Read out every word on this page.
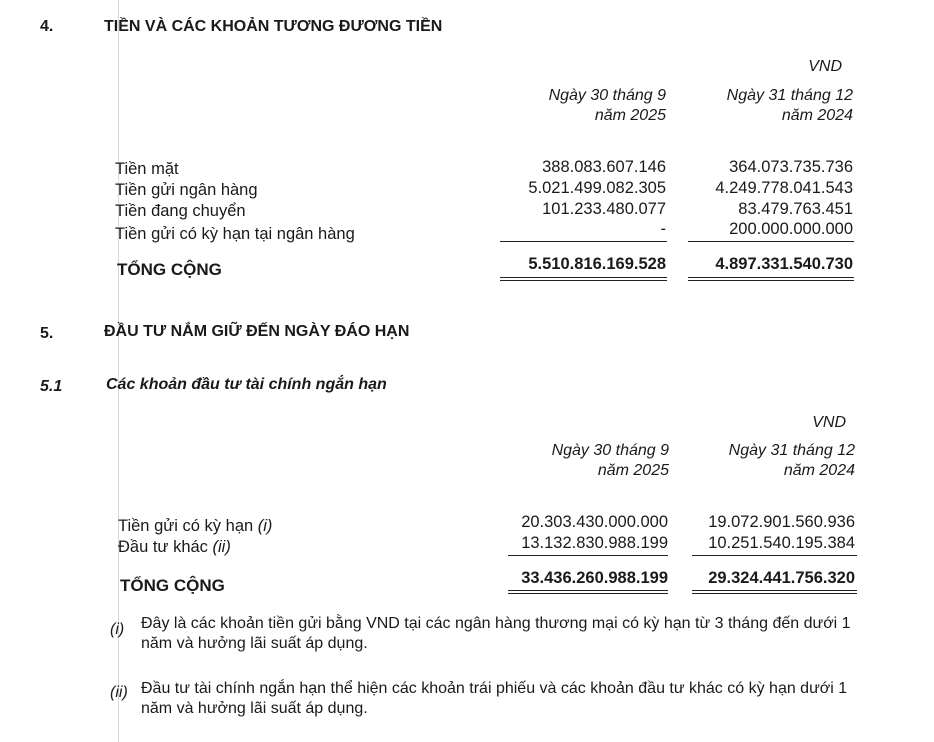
4.	TIỀN VÀ CÁC KHOẢN TƯƠNG ĐƯƠNG TIỀN
VND
Ngày 30 tháng 9
năm 2025
Ngày 31 tháng 12
năm 2024
Tiền mặt	388.083.607.146	364.073.735.736
Tiền gửi ngân hàng	5.021.499.082.305	4.249.778.041.543
Tiền đang chuyển	101.233.480.077	83.479.763.451
Tiền gửi có kỳ hạn tại ngân hàng	-	200.000.000.000
TỔNG CỘNG	5.510.816.169.528	4.897.331.540.730
5.	ĐẦU TƯ NẮM GIỮ ĐẾN NGÀY ĐÁO HẠN
5.1	Các khoản đầu tư tài chính ngắn hạn
VND
Ngày 30 tháng 9
năm 2025
Ngày 31 tháng 12
năm 2024
Tiền gửi có kỳ hạn (i)	20.303.430.000.000 19.072.901.560.936
Đầu tư khác (ii)	13.132.830.988.199 10.251.540.195.384
TỔNG CỘNG	33.436.260.988.199 29.324.441.756.320
(i) Đây là các khoản tiền gửi bằng VND tại các ngân hàng thương mại có kỳ hạn từ 3 tháng đến dưới 1 năm và hưởng lãi suất áp dụng.
(ii) Đầu tư tài chính ngắn hạn thể hiện các khoản trái phiếu và các khoản đầu tư khác có kỳ hạn dưới 1 năm và hưởng lãi suất áp dụng.
